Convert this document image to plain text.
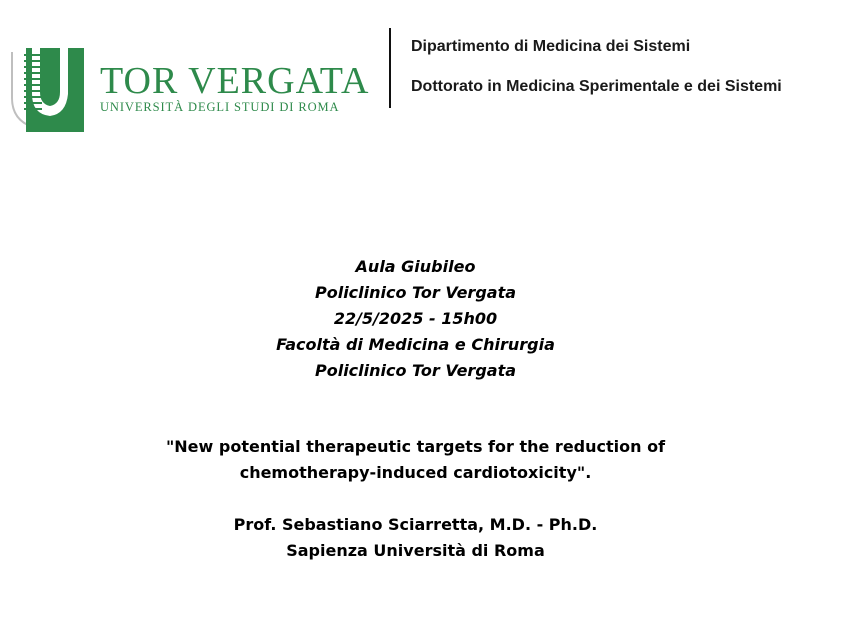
TOR VERGATA
UNIVERSITÀ DEGLI STUDI DI ROMA
Dipartimento di Medicina dei Sistemi
Dottorato in Medicina Sperimentale e dei Sistemi
Aula Giubileo
Policlinico Tor Vergata
22/5/2025 - 15h00
Facoltà di Medicina e Chirurgia
Policlinico Tor Vergata
"New potential therapeutic targets for the reduction of
chemotherapy-induced cardiotoxicity".
Prof. Sebastiano Sciarretta, M.D. - Ph.D.
Sapienza Università di Roma
